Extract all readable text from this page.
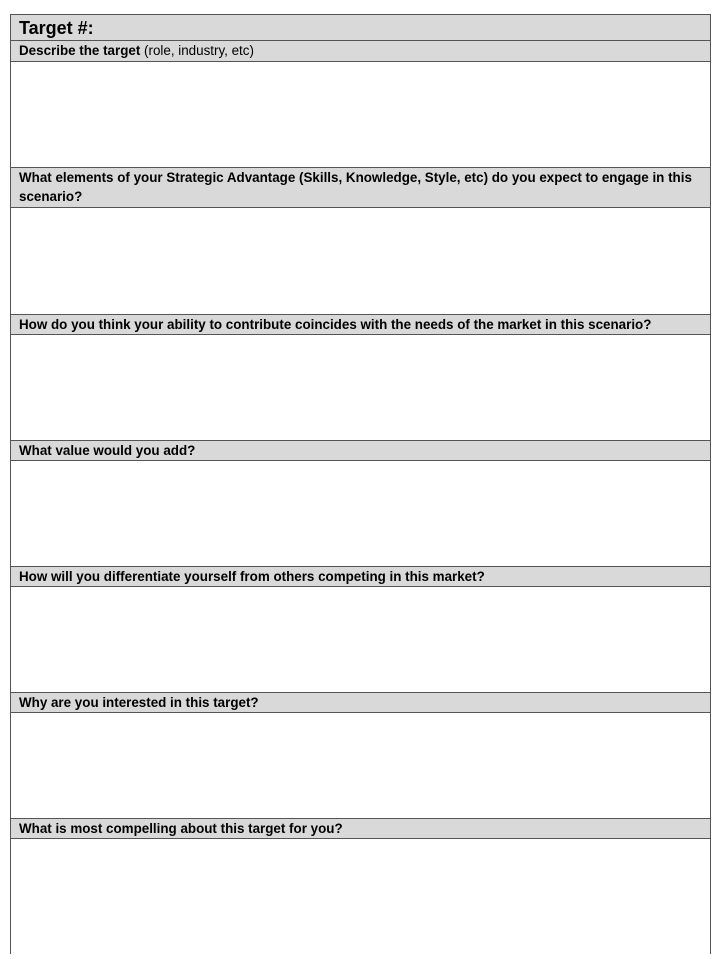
Target #:
Describe the target (role, industry, etc)
What elements of your Strategic Advantage (Skills, Knowledge, Style, etc) do you expect to engage in this scenario?
How do you think your ability to contribute coincides with the needs of the market in this scenario?
What value would you add?
How will you differentiate yourself from others competing in this market?
Why are you interested in this target?
What is most compelling about this target for you?
